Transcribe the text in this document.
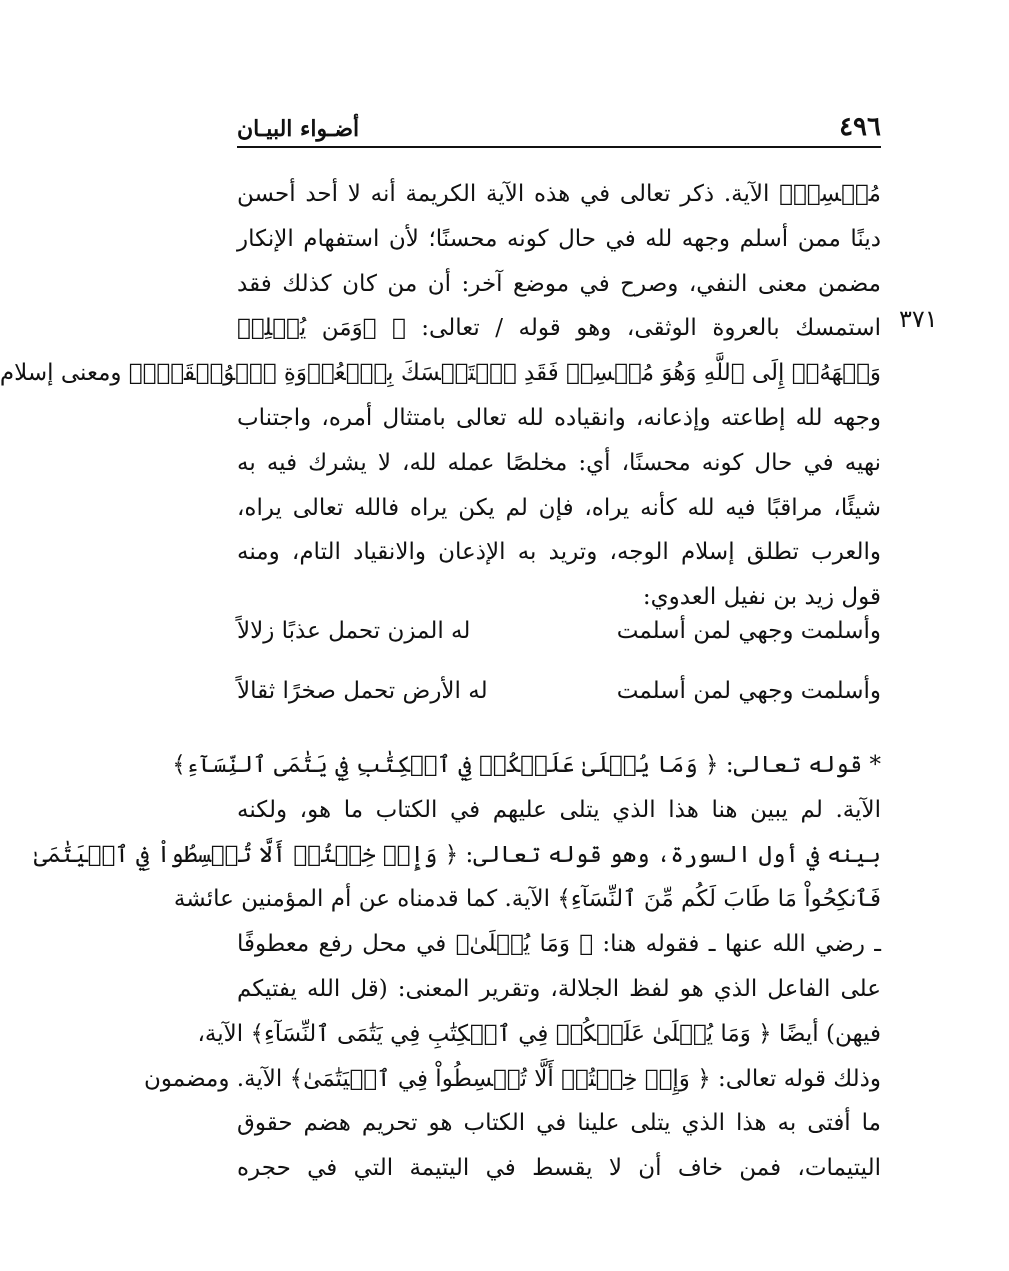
٤٩٦
أضـواء البيـان
٣٧١
مُحۡسِنٞ﴾ الآية. ذكر تعالى في هذه الآية الكريمة أنه لا أحد أحسن
دينًا ممن أسلم وجهه لله في حال كونه محسنًا؛ لأن استفهام الإنكار
مضمن معنى النفي، وصرح في موضع آخر: أن من كان كذلك فقد
استمسك بالعروة الوثقى، وهو قوله / تعالى: ﴿ ۞وَمَن يُسۡلِمۡ
وَجۡهَهُۥٓ إِلَى ٱللَّهِ وَهُوَ مُحۡسِنٞ فَقَدِ ٱسۡتَمۡسَكَ بِٱلۡعُرۡوَةِ ٱلۡوُثۡقَىٰۗ﴾ ومعنى إسلام
وجهه لله إطاعته وإذعانه، وانقياده لله تعالى بامتثال أمره، واجتناب
نهيه في حال كونه محسنًا، أي: مخلصًا عمله لله، لا يشرك فيه به
شيئًا، مراقبًا فيه لله كأنه يراه، فإن لم يكن يراه فالله تعالى يراه،
والعرب تطلق إسلام الوجه، وتريد به الإذعان والانقياد التام، ومنه
قول زيد بن نفيل العدوي:
وأسلمت وجهي لمن أسلمت
له المزن تحمل عذبًا زلالاً
وأسلمت وجهي لمن أسلمت
له الأرض تحمل صخرًا ثقالاً
* قوله تعالى: ﴿ وَمَا يُتۡلَىٰ عَلَيۡكُمۡ فِي ٱلۡكِتَٰبِ فِي يَتَٰمَى ٱلنِّسَآءِ﴾
الآية. لم يبين هنا هذا الذي يتلى عليهم في الكتاب ما هو، ولكنه
بينه في أول السورة، وهو قوله تعالى: ﴿ وَإِنۡ خِفۡتُمۡ أَلَّا تُقۡسِطُواْ فِي ٱلۡيَتَٰمَىٰ
فَٱنكِحُواْ مَا طَابَ لَكُم مِّنَ ٱلنِّسَآءِ﴾ الآية. كما قدمناه عن أم المؤمنين عائشة
ـ رضي الله عنها ـ فقوله هنا: ﴿ وَمَا يُتۡلَىٰ﴾ في محل رفع معطوفًا
على الفاعل الذي هو لفظ الجلالة، وتقرير المعنى: (قل الله يفتيكم
فيهن) أيضًا ﴿ وَمَا يُتۡلَىٰ عَلَيۡكُمۡ فِي ٱلۡكِتَٰبِ فِي يَتَٰمَى ٱلنِّسَآءِ﴾ الآية،
وذلك قوله تعالى: ﴿ وَإِنۡ خِفۡتُمۡ أَلَّا تُقۡسِطُواْ فِي ٱلۡيَتَٰمَىٰ﴾ الآية. ومضمون
ما أفتى به هذا الذي يتلى علينا في الكتاب هو تحريم هضم حقوق
اليتيمات، فمن خاف أن لا يقسط في اليتيمة التي في حجره
